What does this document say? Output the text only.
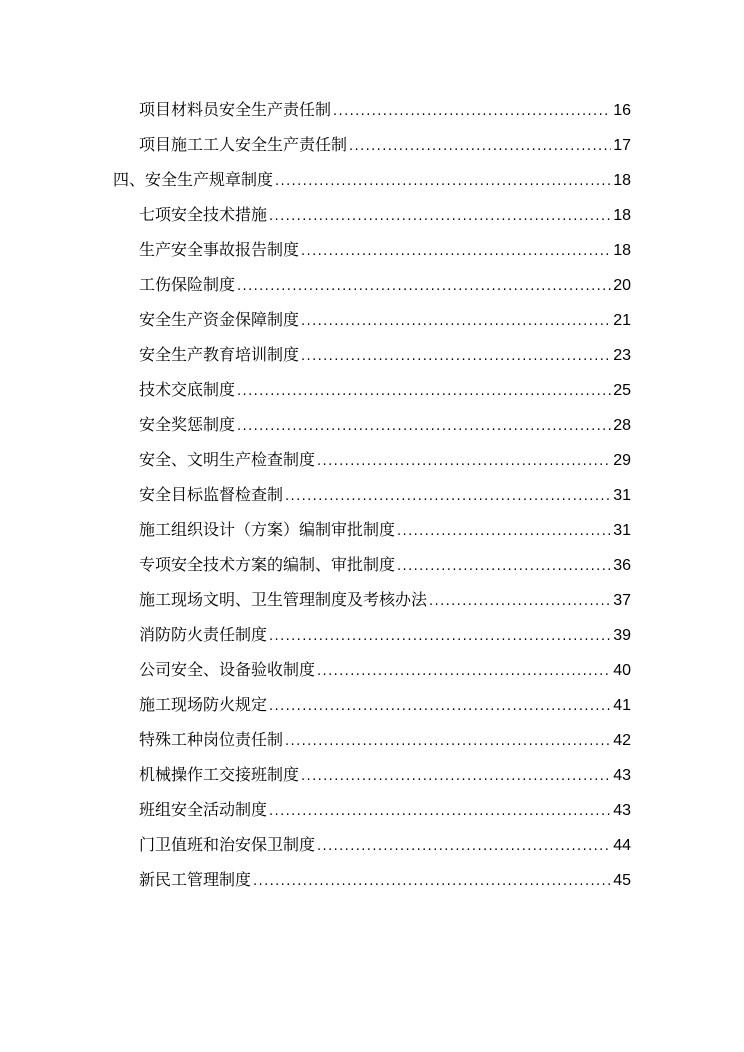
项目材料员安全生产责任制 .....	16
项目施工工人安全生产责任制 .....	17
四、安全生产规章制度 .....	18
七项安全技术措施 .....	18
生产安全事故报告制度 .....	18
工伤保险制度 .....	20
安全生产资金保障制度 .....	21
安全生产教育培训制度 .....	23
技术交底制度 .....	25
安全奖惩制度 .....	28
安全、文明生产检查制度 .....	29
安全目标监督检查制 .....	31
施工组织设计（方案）编制审批制度 .....	31
专项安全技术方案的编制、审批制度 .....	36
施工现场文明、卫生管理制度及考核办法 .....	37
消防防火责任制度 .....	39
公司安全、设备验收制度 .....	40
施工现场防火规定 .....	41
特殊工种岗位责任制 .....	42
机械操作工交接班制度 .....	43
班组安全活动制度 .....	43
门卫值班和治安保卫制度 .....	44
新民工管理制度 .....	45
